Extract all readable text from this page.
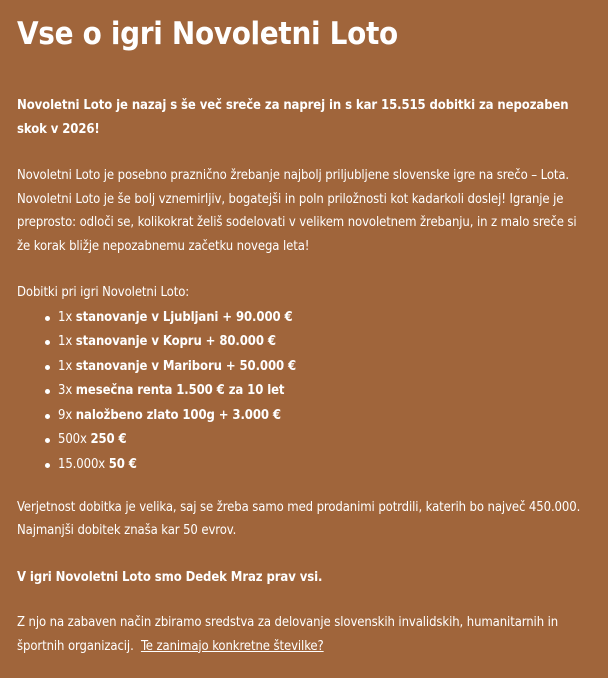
Vse o igri Novoletni Loto

Novoletni Loto je nazaj s še več sreče za naprej in s kar 15.515 dobitki za nepozaben skok v 2026!

Novoletni Loto je posebno praznično žrebanje najbolj priljubljene slovenske igre na srečo – Lota. Novoletni Loto je še bolj vznemirljiv, bogatejši in poln priložnosti kot kadarkoli doslej! Igranje je preprosto: odloči se, kolikokrat želiš sodelovati v velikem novoletnem žrebanju, in z malo sreče si že korak bližje nepozabnemu začetku novega leta!

Dobitki pri igri Novoletni Loto:
1x stanovanje v Ljubljani + 90.000 €
1x stanovanje v Kopru + 80.000 €
1x stanovanje v Mariboru + 50.000 €
3x mesečna renta 1.500 € za 10 let
9x naložbeno zlato 100g + 3.000 €
500x 250 €
15.000x 50 €

Verjetnost dobitka je velika, saj se žreba samo med prodanimi potrdili, katerih bo največ 450.000. Najmanjši dobitek znaša kar 50 evrov.

V igri Novoletni Loto smo Dedek Mraz prav vsi.

Z njo na zabaven način zbiramo sredstva za delovanje slovenskih invalidskih, humanitarnih in športnih organizacij. Te zanimajo konkretne številke?
